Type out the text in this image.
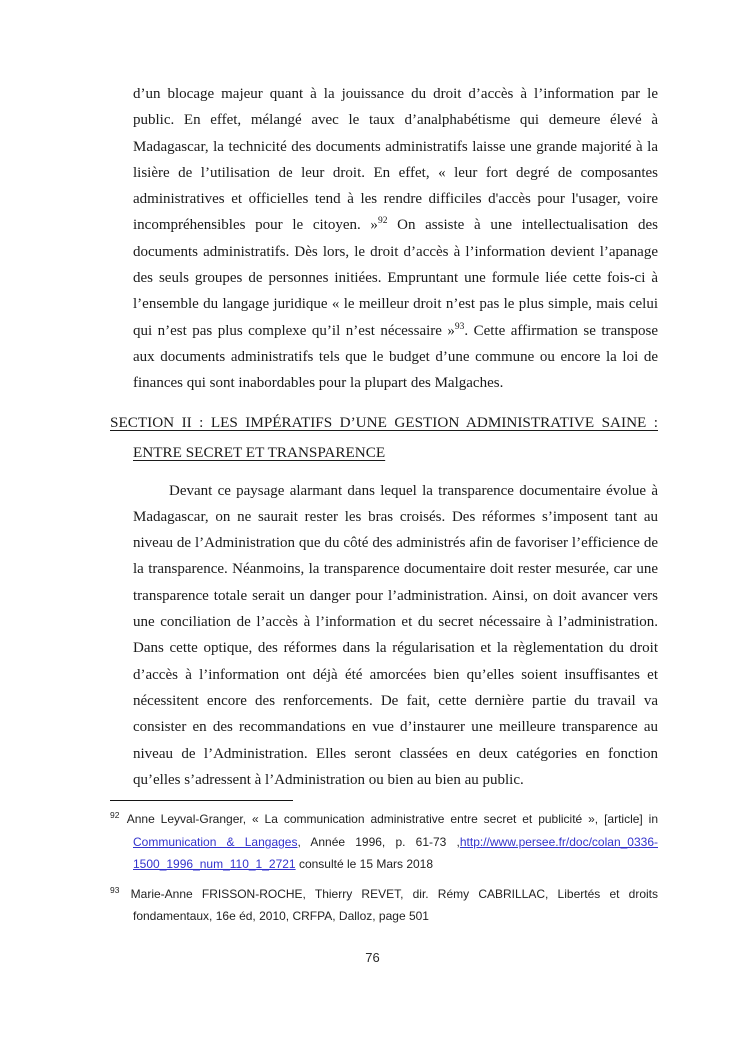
d’un blocage majeur quant à la jouissance du droit d’accès à l’information par le public. En effet, mélangé avec le taux d’analphabétisme qui demeure élevé à Madagascar, la technicité des documents administratifs laisse une grande majorité à la lisière de l’utilisation de leur droit. En effet, « leur fort degré de composantes administratives et officielles tend à les rendre difficiles d'accès pour l'usager, voire incompréhensibles pour le citoyen. »$^{92}$ On assiste à une intellectualisation des documents administratifs. Dès lors, le droit d’accès à l’information devient l’apanage des seuls groupes de personnes initiées. Empruntant une formule liée cette fois-ci à l’ensemble du langage juridique « le meilleur droit n’est pas le plus simple, mais celui qui n’est pas plus complexe qu’il n’est nécessaire »$^{93}$. Cette affirmation se transpose aux documents administratifs tels que le budget d’une commune ou encore la loi de finances qui sont inabordables pour la plupart des Malgaches.

SECTION II : LES IMPÉRATIFS D’UNE GESTION ADMINISTRATIVE SAINE :
ENTRE SECRET ET TRANSPARENCE

Devant ce paysage alarmant dans lequel la transparence documentaire évolue à Madagascar, on ne saurait rester les bras croisés. Des réformes s’imposent tant au niveau de l’Administration que du côté des administrés afin de favoriser l’efficience de la transparence. Néanmoins, la transparence documentaire doit rester mesurée, car une transparence totale serait un danger pour l’administration. Ainsi, on doit avancer vers une conciliation de l’accès à l’information et du secret nécessaire à l’administration. Dans cette optique, des réformes dans la régularisation et la règlementation du droit d’accès à l’information ont déjà été amorcées bien qu’elles soient insuffisantes et nécessitent encore des renforcements. De fait, cette dernière partie du travail va consister en des recommandations en vue d’instaurer une meilleure transparence au niveau de l’Administration. Elles seront classées en deux catégories en fonction qu’elles s’adressent à l’Administration ou bien au bien au public.

$^{92}$ Anne Leyval-Granger, « La communication administrative entre secret et publicité », [article] in Communication & Langages, Année 1996, p. 61-73 ,http://www.persee.fr/doc/colan_0336-1500_1996_num_110_1_2721 consulté le 15 Mars 2018
$^{93}$ Marie-Anne FRISSON-ROCHE, Thierry REVET, dir. Rémy CABRILLAC, Libertés et droits fondamentaux, 16e éd, 2010, CRFPA, Dalloz, page 501
76
